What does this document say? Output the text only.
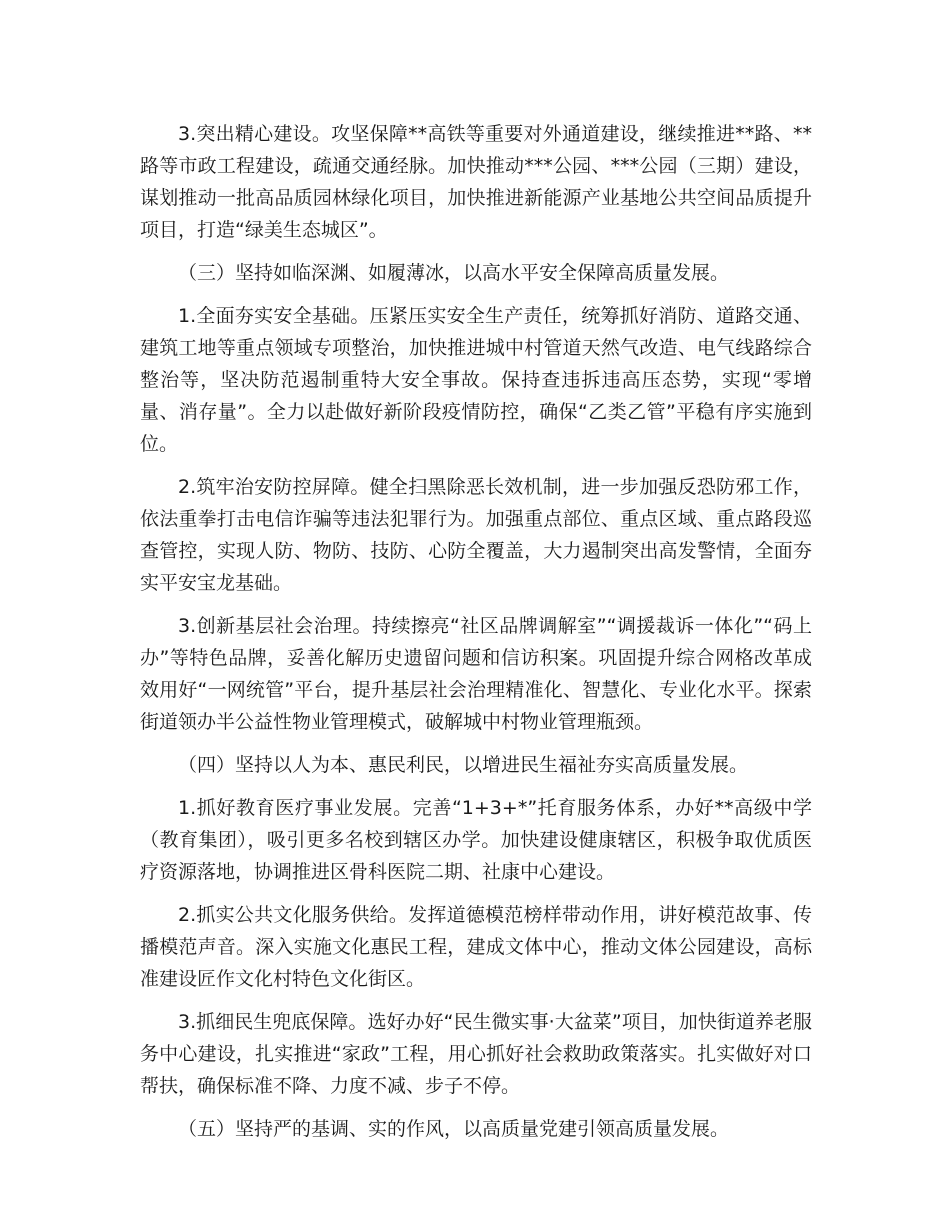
3.突出精心建设。攻坚保障**高铁等重要对外通道建设，继续推进**路、**路等市政工程建设，疏通交通经脉。加快推动***公园、***公园（三期）建设，谋划推动一批高品质园林绿化项目，加快推进新能源产业基地公共空间品质提升项目，打造“绿美生态城区”。

（三）坚持如临深渊、如履薄冰，以高水平安全保障高质量发展。

1.全面夯实安全基础。压紧压实安全生产责任，统筹抓好消防、道路交通、建筑工地等重点领域专项整治，加快推进城中村管道天然气改造、电气线路综合整治等，坚决防范遏制重特大安全事故。保持查违拆违高压态势，实现“零增量、消存量”。全力以赴做好新阶段疫情防控，确保“乙类乙管”平稳有序实施到位。

2.筑牢治安防控屏障。健全扫黑除恶长效机制，进一步加强反恐防邪工作，依法重拳打击电信诈骗等违法犯罪行为。加强重点部位、重点区域、重点路段巡查管控，实现人防、物防、技防、心防全覆盖，大力遏制突出高发警情，全面夯实平安宝龙基础。

3.创新基层社会治理。持续擦亮“社区品牌调解室”“调援裁诉一体化”“码上办”等特色品牌，妥善化解历史遗留问题和信访积案。巩固提升综合网格改革成效用好“一网统管”平台，提升基层社会治理精准化、智慧化、专业化水平。探索街道领办半公益性物业管理模式，破解城中村物业管理瓶颈。

（四）坚持以人为本、惠民利民，以增进民生福祉夯实高质量发展。

1.抓好教育医疗事业发展。完善“1+3+*”托育服务体系，办好**高级中学（教育集团），吸引更多名校到辖区办学。加快建设健康辖区，积极争取优质医疗资源落地，协调推进区骨科医院二期、社康中心建设。

2.抓实公共文化服务供给。发挥道德模范榜样带动作用，讲好模范故事、传播模范声音。深入实施文化惠民工程，建成文体中心，推动文体公园建设，高标准建设匠作文化村特色文化街区。

3.抓细民生兜底保障。选好办好“民生微实事·大盆菜”项目，加快街道养老服务中心建设，扎实推进“家政”工程，用心抓好社会救助政策落实。扎实做好对口帮扶，确保标准不降、力度不减、步子不停。

（五）坚持严的基调、实的作风，以高质量党建引领高质量发展。
